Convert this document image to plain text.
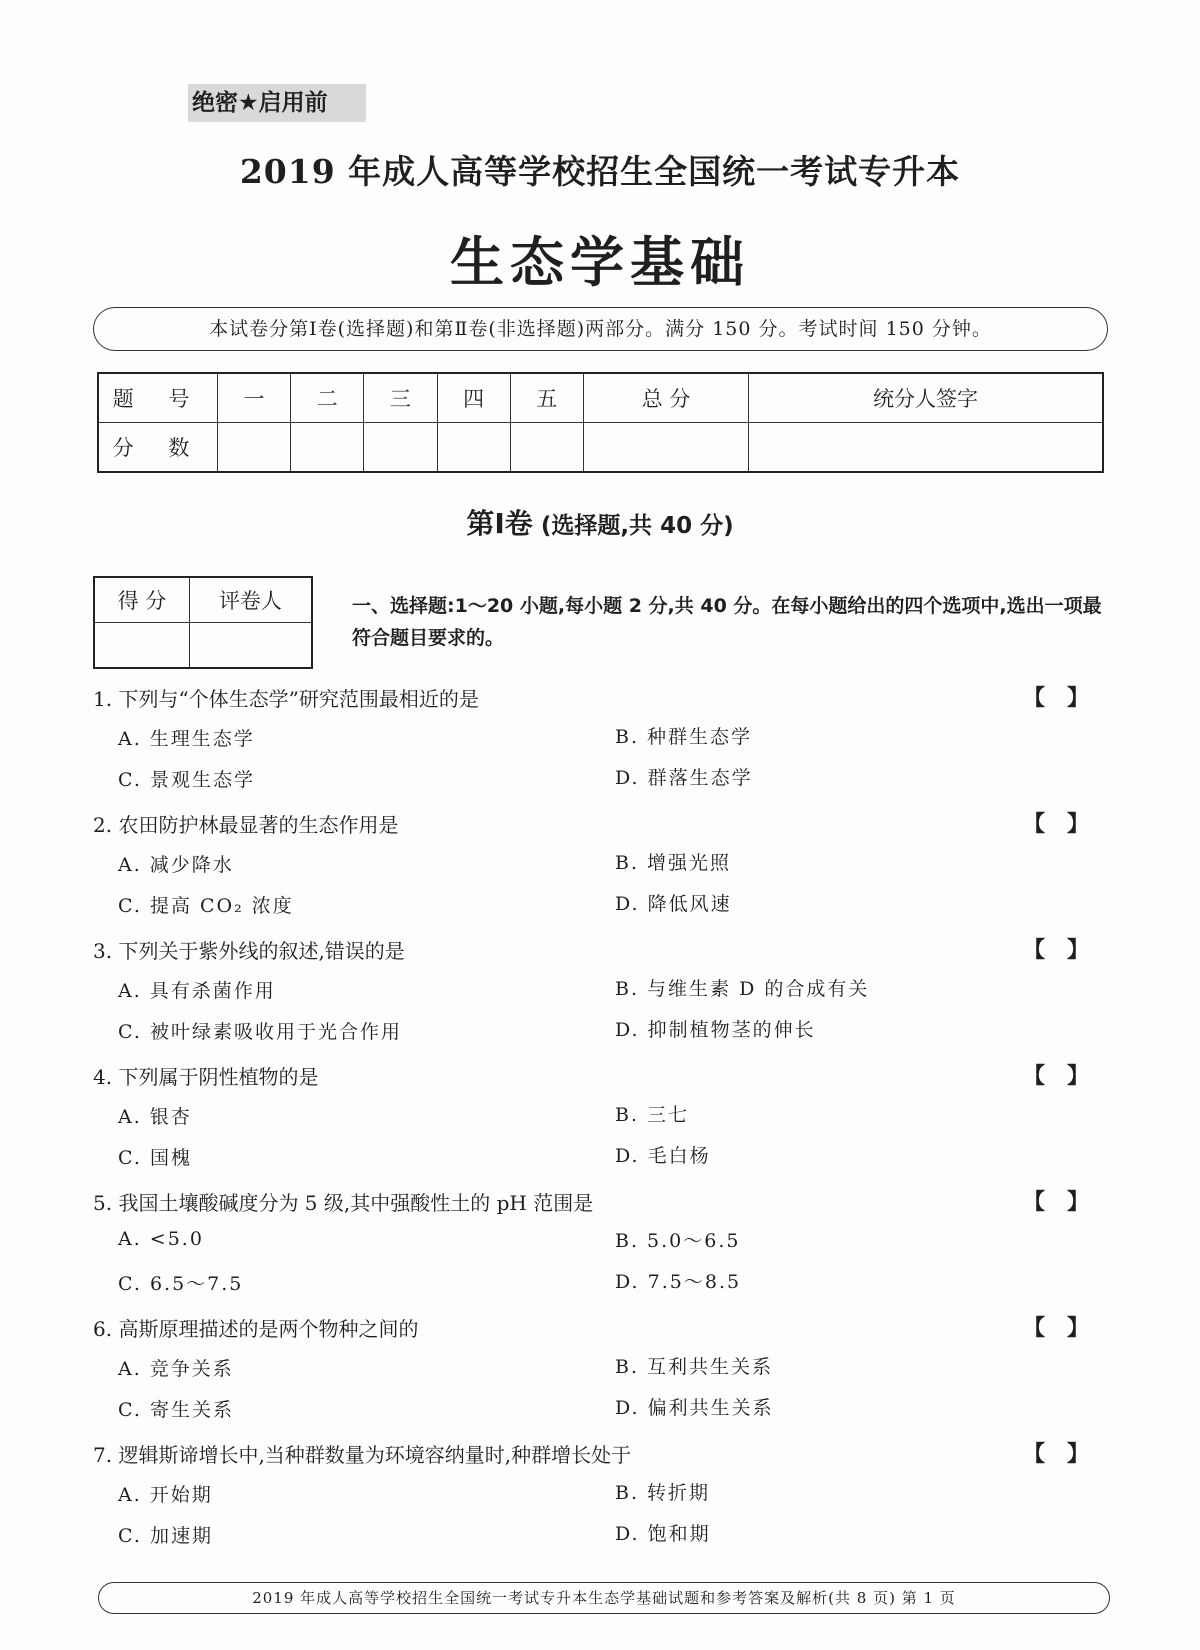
绝密★启用前
2019 年成人高等学校招生全国统一考试专升本
生态学基础
本试卷分第Ⅰ卷(选择题)和第Ⅱ卷(非选择题)两部分。满分 150 分。考试时间 150 分钟。
题 号	一	二	三	四	五	总 分	统分人签字
分 数							
第Ⅰ卷 (选择题,共 40 分)
得 分	评卷人
		一、选择题:1～20 小题,每小题 2 分,共 40 分。在每小题给出的四个选项中,选出一项最符合题目要求的。
1. 下列与“个体生态学”研究范围最相近的是	【】
A. 生理生态学	B. 种群生态学
C. 景观生态学	D. 群落生态学
2. 农田防护林最显著的生态作用是	【】
A. 减少降水	B. 增强光照
C. 提高 CO₂ 浓度	D. 降低风速
3. 下列关于紫外线的叙述,错误的是	【】
A. 具有杀菌作用	B. 与维生素 D 的合成有关
C. 被叶绿素吸收用于光合作用	D. 抑制植物茎的伸长
4. 下列属于阴性植物的是	【】
A. 银杏	B. 三七
C. 国槐	D. 毛白杨
5. 我国土壤酸碱度分为 5 级,其中强酸性土的 pH 范围是	【】
A. <5.0	B. 5.0～6.5
C. 6.5～7.5	D. 7.5～8.5
6. 高斯原理描述的是两个物种之间的	【】
A. 竞争关系	B. 互利共生关系
C. 寄生关系	D. 偏利共生关系
7. 逻辑斯谛增长中,当种群数量为环境容纳量时,种群增长处于	【】
A. 开始期	B. 转折期
C. 加速期	D. 饱和期
2019 年成人高等学校招生全国统一考试专升本生态学基础试题和参考答案及解析(共 8 页) 第 1 页
